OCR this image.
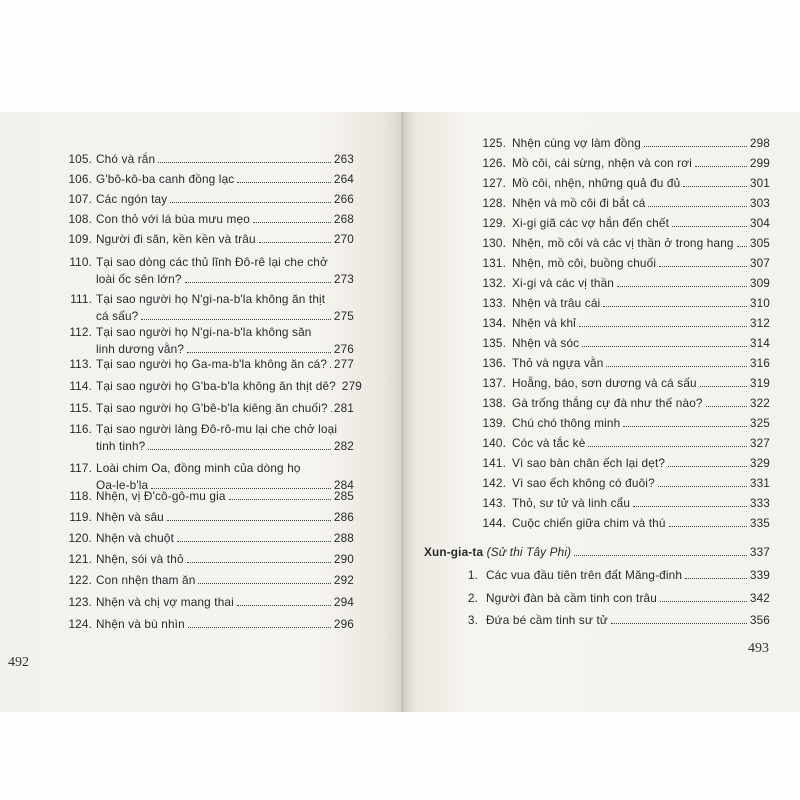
105. Chó và rắn	263
106. G'bô-kô-ba canh đồng lạc	264
107. Các ngón tay	266
108. Con thỏ với lá bùa mưu mẹo	268
109. Người đi săn, kền kền và trâu	270
110. Tại sao dòng các thủ lĩnh Đô-rê lại che chở
loài ốc sên lớn?	273
111. Tại sao người họ N'gi-na-b'la không ăn thịt
cá sấu?	275
112. Tại sao người họ N'gi-na-b'la không săn
linh dương vằn?	276
113. Tại sao người họ Ga-ma-b'la không ăn cá? 277
114. Tại sao người họ G'ba-b'la không ăn thịt dê? 279
115. Tại sao người họ G'bê-b'la kiêng ăn chuối? 281
116. Tại sao người làng Đô-rô-mu lại che chở loại
tinh tinh?	282
117. Loài chim Oa, đồng minh của dòng họ
Oa-le-b'la	284
118. Nhện, vị Đ'cô-gô-mu gia	285
119. Nhện và sâu	286
120. Nhện và chuột	288
121. Nhện, sói và thỏ	290
122. Con nhện tham ăn	292
123. Nhện và chị vợ mang thai	294
124. Nhện và bù nhìn	296
492
125. Nhện cùng vợ làm đồng	298
126. Mồ côi, cái sừng, nhện và con rơi	299
127. Mồ côi, nhện, những quả đu đủ	301
128. Nhện và mồ côi đi bắt cá	303
129. Xi-gi giã các vợ hắn đến chết	304
130. Nhện, mồ côi và các vị thần ở trong hang 305
131. Nhện, mồ côi, buồng chuối	307
132. Xi-gi và các vị thần	309
133. Nhện và trâu cái	310
134. Nhện và khỉ	312
135. Nhện và sóc	314
136. Thỏ và ngựa vằn	316
137. Hoẵng, báo, sơn dương và cá sấu	319
138. Gà trống thắng cự đà như thế nào?	322
139. Chú chó thông minh	325
140. Cóc và tắc kè	327
141. Vì sao bàn chân ếch lại dẹt?	329
142. Vì sao ếch không có đuôi?	331
143. Thỏ, sư tử và linh cẩu	333
144. Cuộc chiến giữa chim và thú	335
Xun-gia-ta (Sử thi Tây Phi)	337
1. Các vua đầu tiên trên đất Măng-đinh	339
2. Người đàn bà cầm tinh con trâu	342
3. Đứa bé cầm tinh sư tử	356
493
